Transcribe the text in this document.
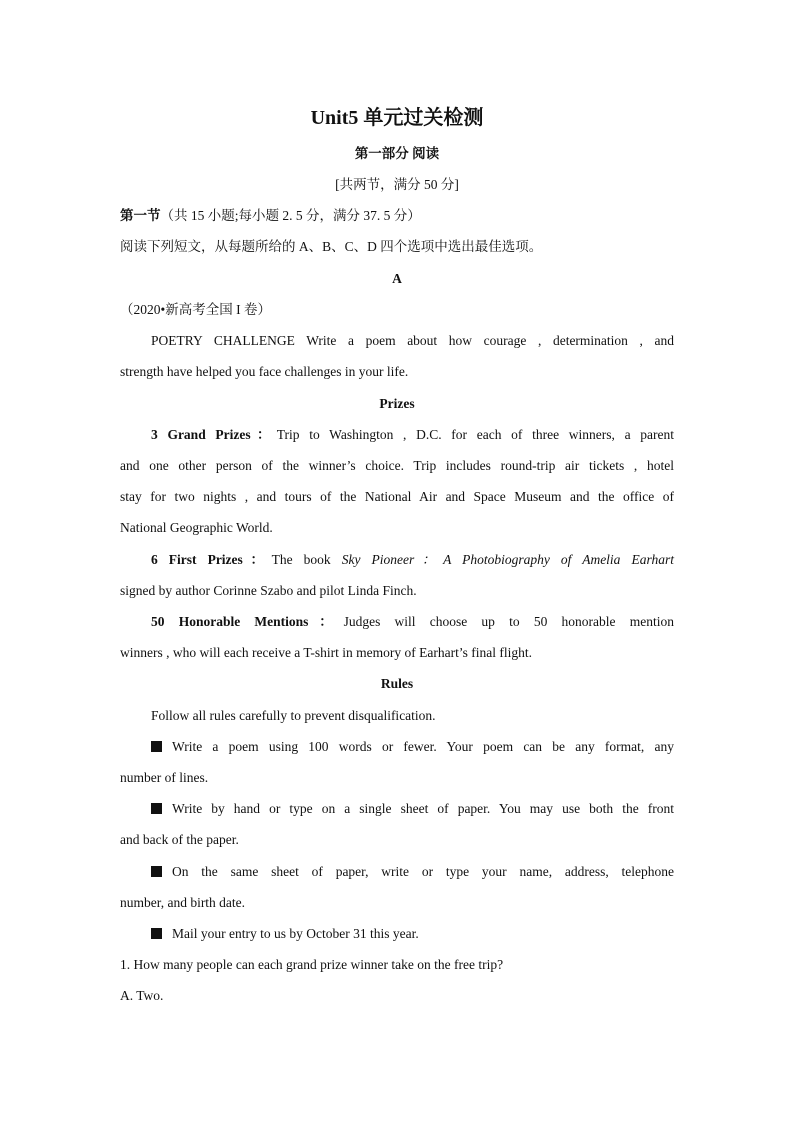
Unit5 单元过关检测
第一部分 阅读
[共两节，满分 50 分]
第一节（共 15 小题;每小题 2. 5 分，满分 37. 5 分）
阅读下列短文，从每题所给的 A、B、C、D 四个选项中选出最佳选项。
A
（2020•新高考全国 I 卷）
POETRY CHALLENGE Write a poem about how courage , determination , and
strength have helped you face challenges in your life.
Prizes
3 Grand Prizes：Trip to Washington , D.C. for each of three winners, a parent
and one other person of the winner’s choice. Trip includes round-trip air tickets , hotel
stay for two nights , and tours of the National Air and Space Museum and the office of
National Geographic World.
6 First Prizes：The book Sky Pioneer：A Photobiography of Amelia Earhart
signed by author Corinne Szabo and pilot Linda Finch.
50 Honorable Mentions：Judges will choose up to 50 honorable mention
winners , who will each receive a T-shirt in memory of Earhart’s final flight.
Rules
Follow all rules carefully to prevent disqualification.
Write a poem using 100 words or fewer. Your poem can be any format, any
number of lines.
Write by hand or type on a single sheet of paper. You may use both the front
and back of the paper.
On the same sheet of paper, write or type your name, address, telephone
number, and birth date.
Mail your entry to us by October 31 this year.
1. How many people can each grand prize winner take on the free trip?
A. Two.
